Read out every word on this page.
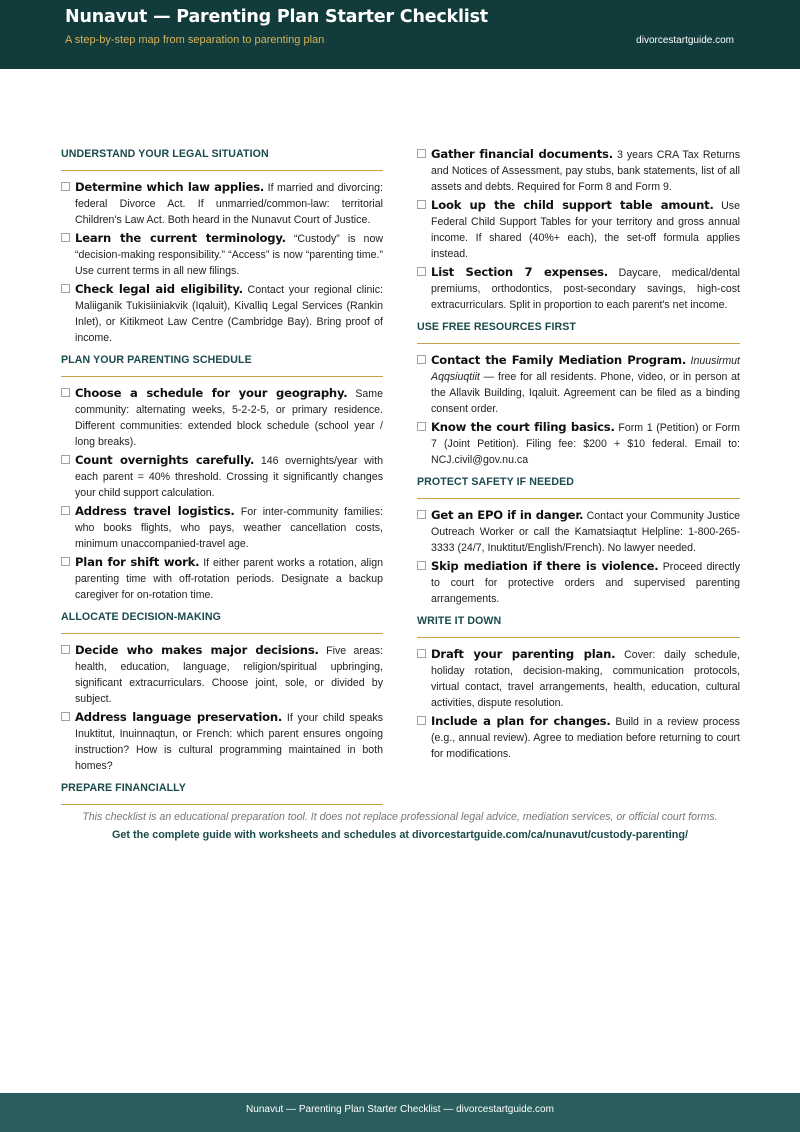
Nunavut — Parenting Plan Starter Checklist
A step-by-step map from separation to parenting plan	divorcestartguide.com
UNDERSTAND YOUR LEGAL SITUATION
Determine which law applies. If married and divorcing: federal Divorce Act. If unmarried/common-law: territorial Children's Law Act. Both heard in the Nunavut Court of Justice.
Learn the current terminology. “Custody” is now “decision-making responsibility.” “Access” is now “parenting time.” Use current terms in all new filings.
Check legal aid eligibility. Contact your regional clinic: Maliiganik Tukisiiniakvik (Iqaluit), Kivalliq Legal Services (Rankin Inlet), or Kitikmeot Law Centre (Cambridge Bay). Bring proof of income.
PLAN YOUR PARENTING SCHEDULE
Choose a schedule for your geography. Same community: alternating weeks, 5-2-2-5, or primary residence. Different communities: extended block schedule (school year / long breaks).
Count overnights carefully. 146 overnights/year with each parent = 40% threshold. Crossing it significantly changes your child support calculation.
Address travel logistics. For inter-community families: who books flights, who pays, weather cancellation costs, minimum unaccompanied-travel age.
Plan for shift work. If either parent works a rotation, align parenting time with off-rotation periods. Designate a backup caregiver for on-rotation time.
ALLOCATE DECISION-MAKING
Decide who makes major decisions. Five areas: health, education, language, religion/spiritual upbringing, significant extracurriculars. Choose joint, sole, or divided by subject.
Address language preservation. If your child speaks Inuktitut, Inuinnaqtun, or French: which parent ensures ongoing instruction? How is cultural programming maintained in both homes?
PREPARE FINANCIALLY
Gather financial documents. 3 years CRA Tax Returns and Notices of Assessment, pay stubs, bank statements, list of all assets and debts. Required for Form 8 and Form 9.
Look up the child support table amount. Use Federal Child Support Tables for your territory and gross annual income. If shared (40%+ each), the set-off formula applies instead.
List Section 7 expenses. Daycare, medical/dental premiums, orthodontics, post-secondary savings, high-cost extracurriculars. Split in proportion to each parent's net income.
USE FREE RESOURCES FIRST
Contact the Family Mediation Program. Inuusirmut Aqqsiuqtiit — free for all residents. Phone, video, or in person at the Allavik Building, Iqaluit. Agreement can be filed as a binding consent order.
Know the court filing basics. Form 1 (Petition) or Form 7 (Joint Petition). Filing fee: $200 + $10 federal. Email to: NCJ.civil@gov.nu.ca
PROTECT SAFETY IF NEEDED
Get an EPO if in danger. Contact your Community Justice Outreach Worker or call the Kamatsiaqtut Helpline: 1-800-265-3333 (24/7, Inuktitut/English/French). No lawyer needed.
Skip mediation if there is violence. Proceed directly to court for protective orders and supervised parenting arrangements.
WRITE IT DOWN
Draft your parenting plan. Cover: daily schedule, holiday rotation, decision-making, communication protocols, virtual contact, travel arrangements, health, education, cultural activities, dispute resolution.
Include a plan for changes. Build in a review process (e.g., annual review). Agree to mediation before returning to court for modifications.
This checklist is an educational preparation tool. It does not replace professional legal advice, mediation services, or official court forms.
Get the complete guide with worksheets and schedules at divorcestartguide.com/ca/nunavut/custody-parenting/
Nunavut — Parenting Plan Starter Checklist — divorcestartguide.com
